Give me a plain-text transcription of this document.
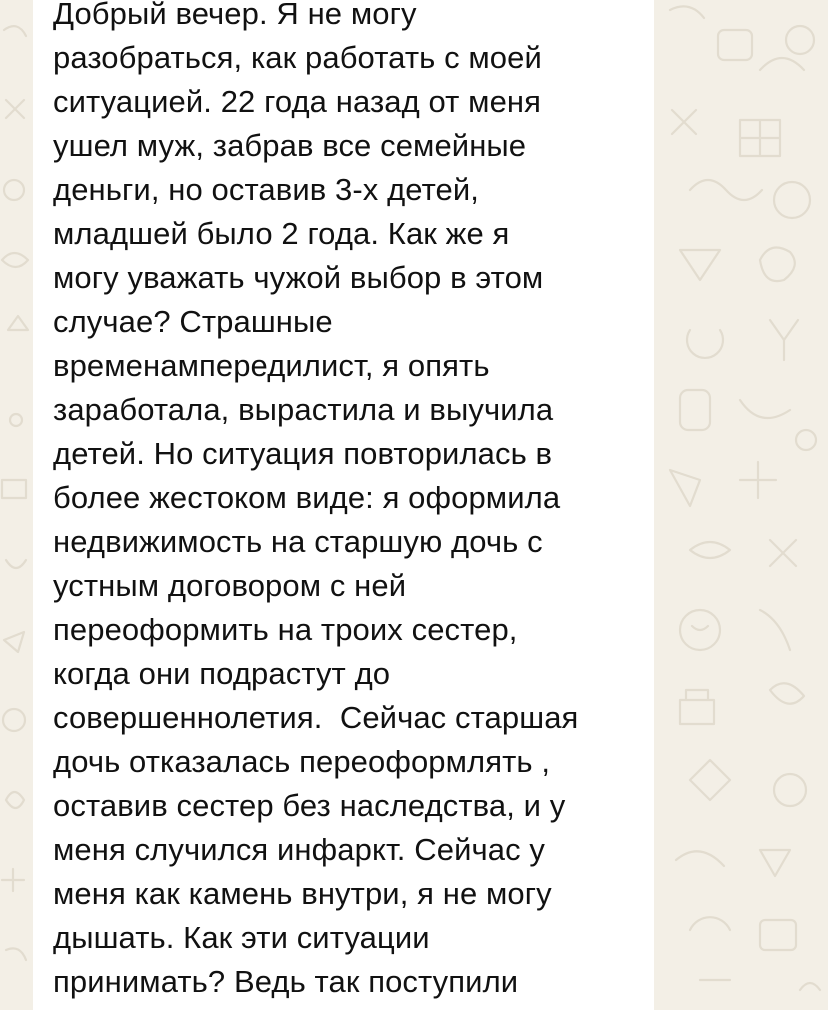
Добрый вечер. Я не могу
разобраться, как работать с моей
ситуацией. 22 года назад от меня
ушел муж, забрав все семейные
деньги, но оставив 3-х детей,
младшей было 2 года. Как же я
могу уважать чужой выбор в этом
случае? Страшные
временампередилист, я опять
заработала, вырастила и выучила
детей. Но ситуация повторилась в
более жестоком виде: я оформила
недвижимость на старшую дочь с
устным договором с ней
переоформить на троих сестер,
когда они подрастут до
совершеннолетия.  Сейчас старшая
дочь отказалась переоформлять ,
оставив сестер без наследства, и у
меня случился инфаркт. Сейчас у
меня как камень внутри, я не могу
дышать. Как эти ситуации
принимать? Ведь так поступили
